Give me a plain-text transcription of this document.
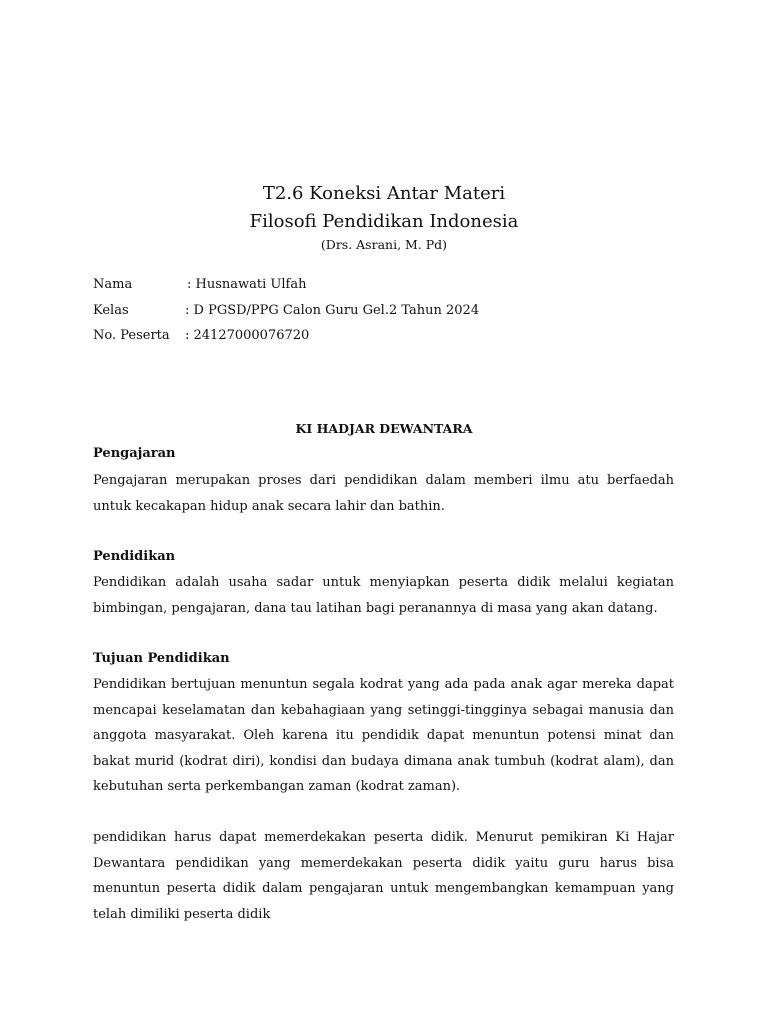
T2.6 Koneksi Antar Materi
Filosofi Pendidikan Indonesia
(Drs. Asrani, M. Pd)
Nama	: Husnawati Ulfah
Kelas	: D PGSD/PPG Calon Guru Gel.2 Tahun 2024
No. Peserta : 24127000076720
KI HADJAR DEWANTARA
Pengajaran

Pengajaran merupakan proses dari pendidikan dalam memberi ilmu atu berfaedah untuk kecakapan hidup anak secara lahir dan bathin.

Pendidikan

Pendidikan adalah usaha sadar untuk menyiapkan peserta didik melalui kegiatan bimbingan, pengajaran, dana tau latihan bagi peranannya di masa yang akan datang.

Tujuan Pendidikan

Pendidikan bertujuan menuntun segala kodrat yang ada pada anak agar mereka dapat mencapai keselamatan dan kebahagiaan yang setinggi-tingginya sebagai manusia dan anggota masyarakat. Oleh karena itu pendidik dapat menuntun potensi minat dan bakat murid (kodrat diri), kondisi dan budaya dimana anak tumbuh (kodrat alam), dan kebutuhan serta perkembangan zaman (kodrat zaman).

pendidikan harus dapat memerdekakan peserta didik. Menurut pemikiran Ki Hajar Dewantara pendidikan yang memerdekakan peserta didik yaitu guru harus bisa menuntun peserta didik dalam pengajaran untuk mengembangkan kemampuan yang telah dimiliki peserta didik
